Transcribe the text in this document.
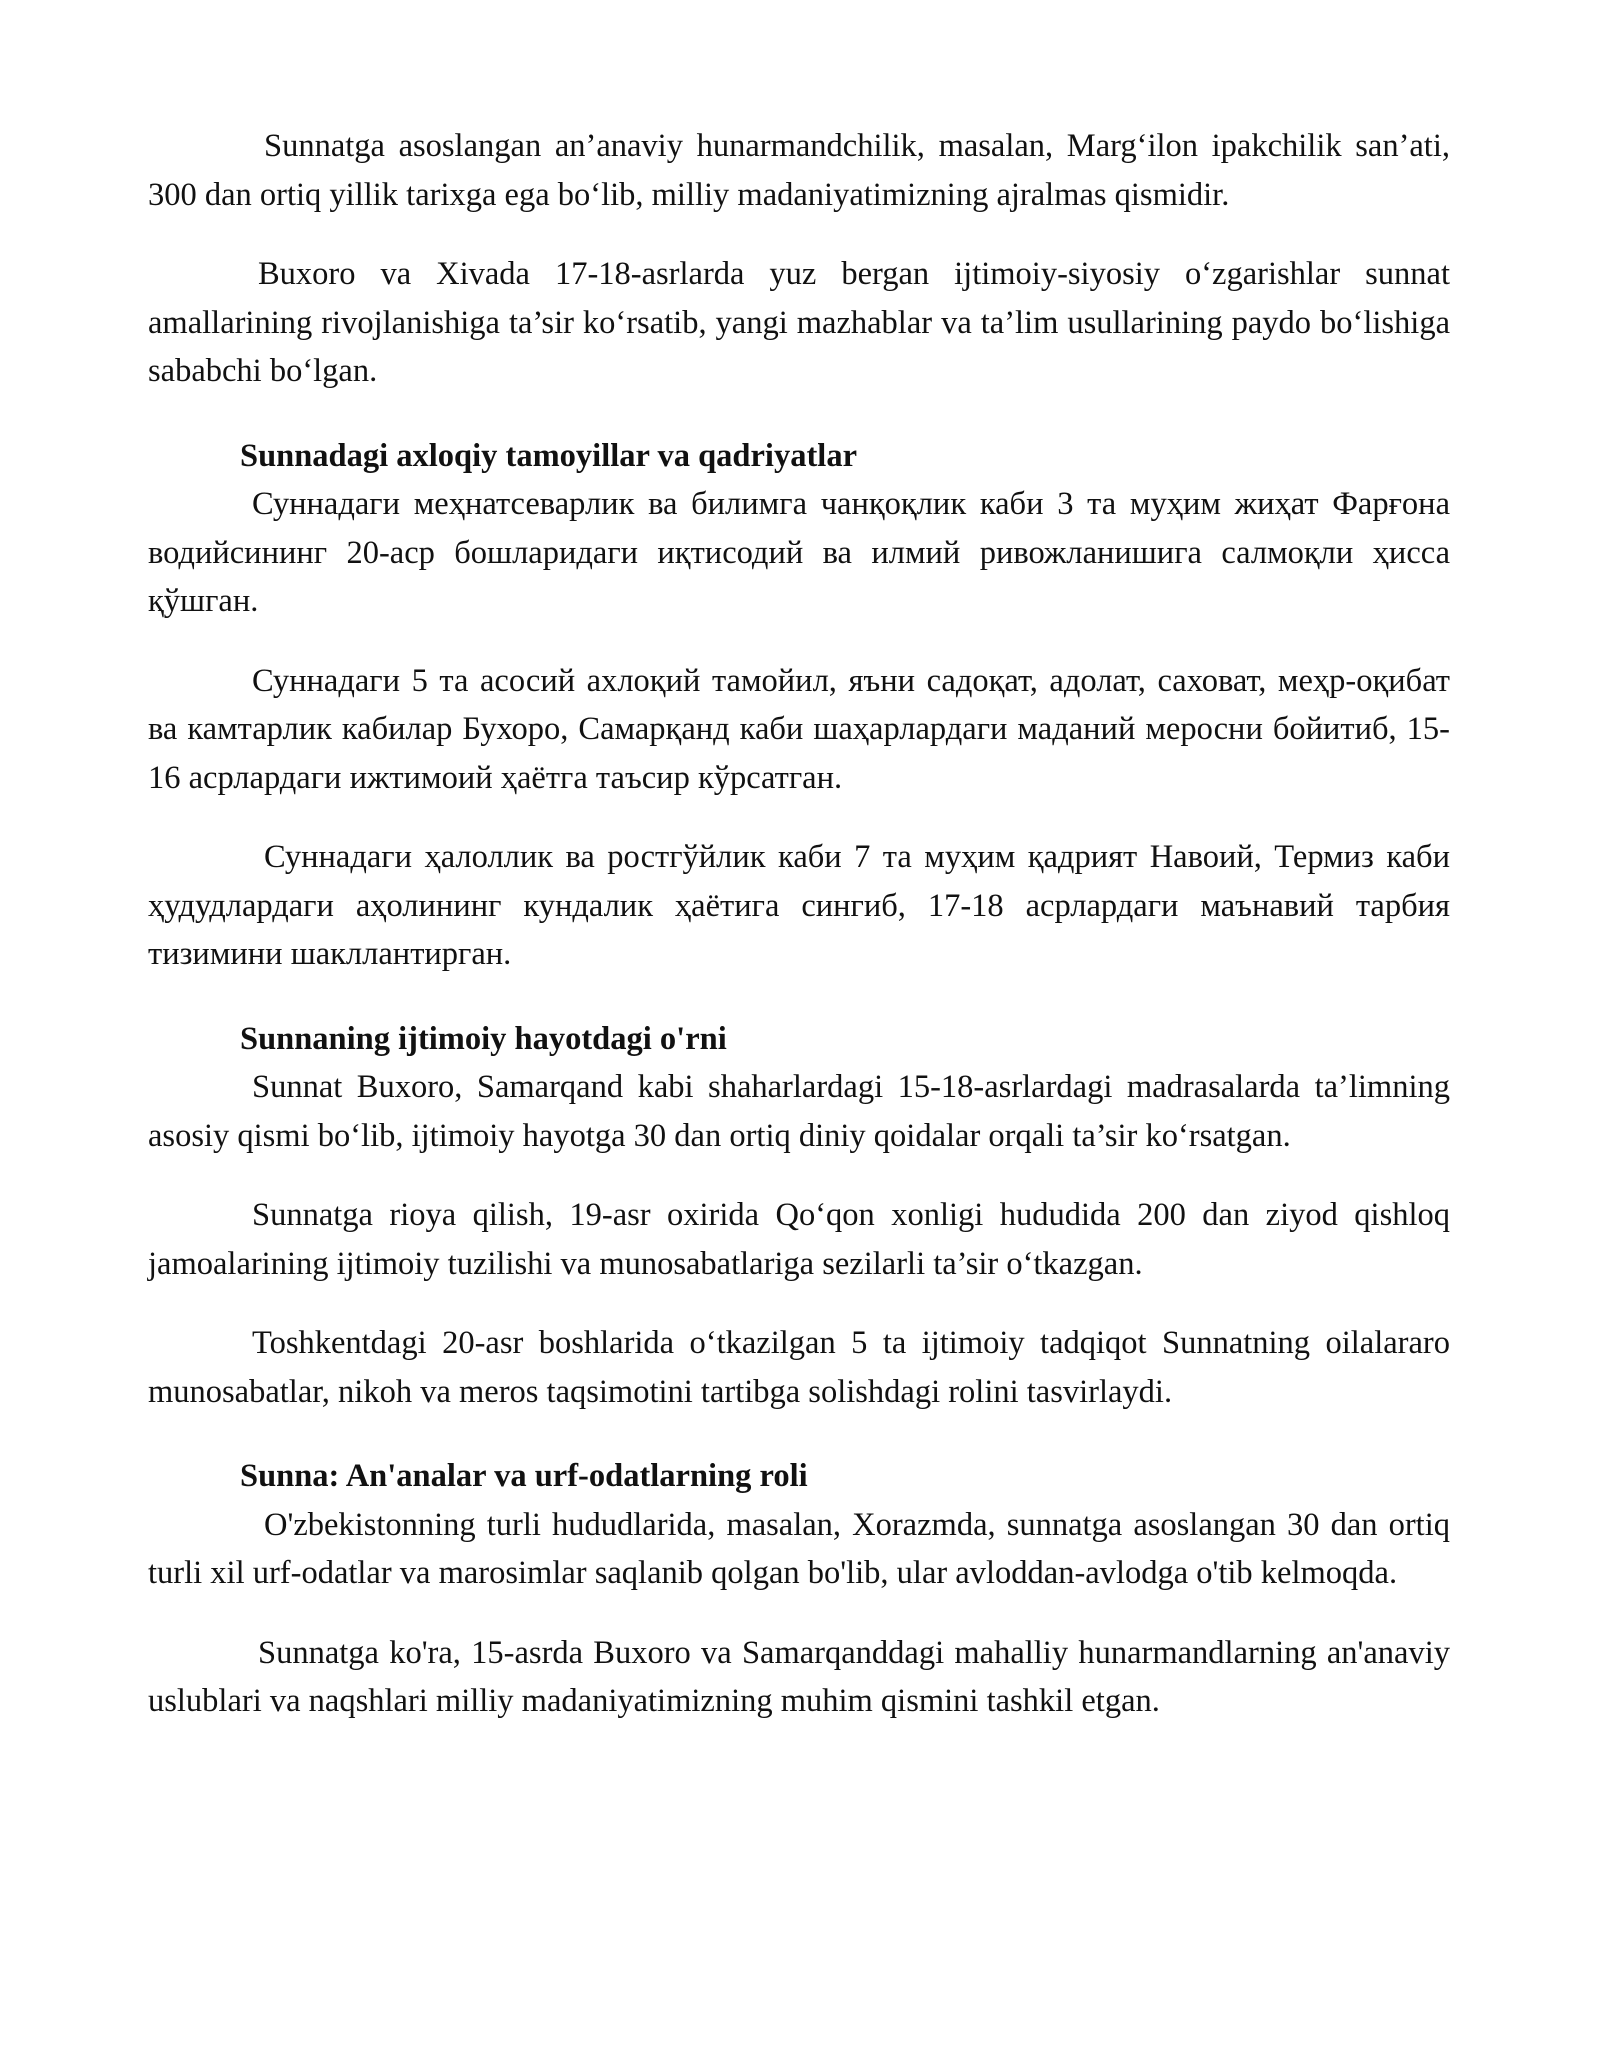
Sunnatga asoslangan an’anaviy hunarmandchilik, masalan, Marg‘ilon ipakchilik san’ati, 300 dan ortiq yillik tarixga ega bo‘lib, milliy madaniyatimizning ajralmas qismidir.

Buxoro va Xivada 17-18-asrlarda yuz bergan ijtimoiy-siyosiy o‘zgarishlar sunnat amallarining rivojlanishiga ta’sir ko‘rsatib, yangi mazhablar va ta’lim usullarining paydo bo‘lishiga sababchi bo‘lgan.

Sunnadagi axloqiy tamoyillar va qadriyatlar

Суннадаги меҳнатсеварлик ва билимга чанқоқлик каби 3 та муҳим жиҳат Фарғона водийсининг 20-аср бошларидаги иқтисодий ва илмий ривожланишига салмоқли ҳисса қўшган.

Суннадаги 5 та асосий ахлоқий тамойил, яъни садоқат, адолат, саховат, меҳр-оқибат ва камтарлик кабилар Бухоро, Самарқанд каби шаҳарлардаги маданий меросни бойитиб, 15-16 асрлардаги ижтимоий ҳаётга таъсир кўрсатган.

Суннадаги ҳалоллик ва ростгўйлик каби 7 та муҳим қадрият Навоий, Термиз каби ҳудудлардаги аҳолининг кундалик ҳаётига сингиб, 17-18 асрлардаги маънавий тарбия тизимини шакллантирган.

Sunnaning ijtimoiy hayotdagi o'rni

Sunnat Buxoro, Samarqand kabi shaharlardagi 15-18-asrlardagi madrasalarda ta’limning asosiy qismi bo‘lib, ijtimoiy hayotga 30 dan ortiq diniy qoidalar orqali ta’sir ko‘rsatgan.

Sunnatga rioya qilish, 19-asr oxirida Qo‘qon xonligi hududida 200 dan ziyod qishloq jamoalarining ijtimoiy tuzilishi va munosabatlariga sezilarli ta’sir o‘tkazgan.

Toshkentdagi 20-asr boshlarida o‘tkazilgan 5 ta ijtimoiy tadqiqot Sunnatning oilalararo munosabatlar, nikoh va meros taqsimotini tartibga solishdagi rolini tasvirlaydi.

Sunna: An'analar va urf-odatlarning roli

O'zbekistonning turli hududlarida, masalan, Xorazmda, sunnatga asoslangan 30 dan ortiq turli xil urf-odatlar va marosimlar saqlanib qolgan bo'lib, ular avloddan-avlodga o'tib kelmoqda.

Sunnatga ko'ra, 15-asrda Buxoro va Samarqanddagi mahalliy hunarmandlarning an'anaviy uslublari va naqshlari milliy madaniyatimizning muhim qismini tashkil etgan.
